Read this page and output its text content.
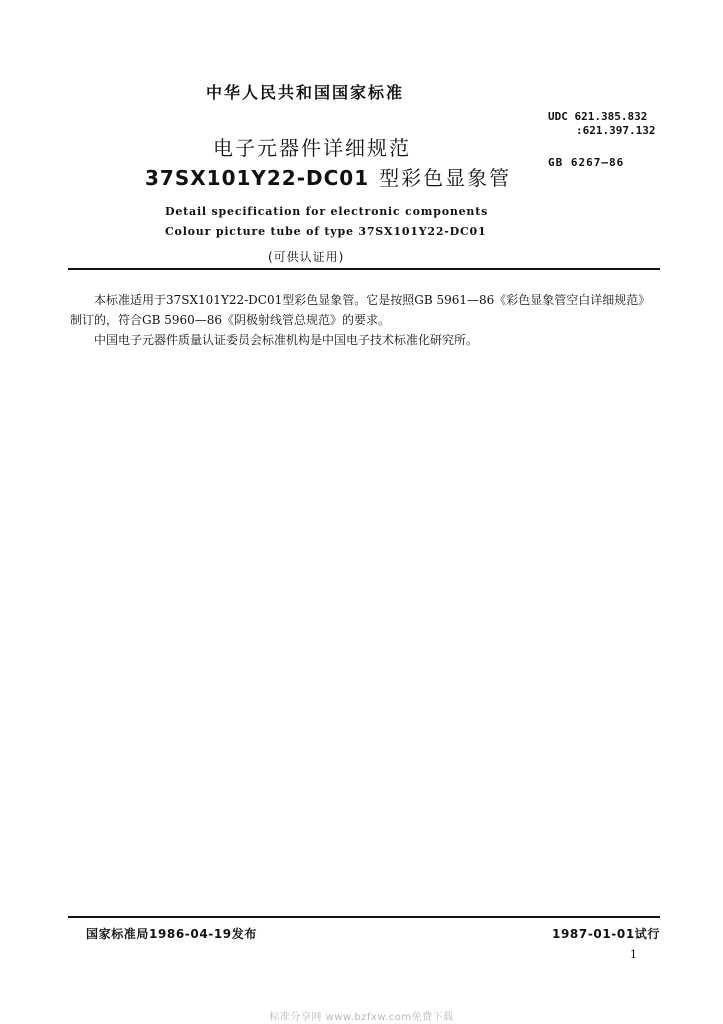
中华人民共和国国家标准
UDC 621.385.832
:621.397.132
GB 6267—86
电子元器件详细规范
37SX101Y22-DC01 型彩色显象管
Detail specification for electronic components
Colour picture tube of type 37SX101Y22-DC01
(可供认证用)

本标准适用于37SX101Y22-DC01型彩色显象管。它是按照GB 5961—86《彩色显象管空白详细规范》制订的，符合GB 5960—86《阴极射线管总规范》的要求。

中国电子元器件质量认证委员会标准机构是中国电子技术标准化研究所。

国家标准局1986-04-19发布	1987-01-01试行
1
标准分享网 www.bzfxw.com免费下载
